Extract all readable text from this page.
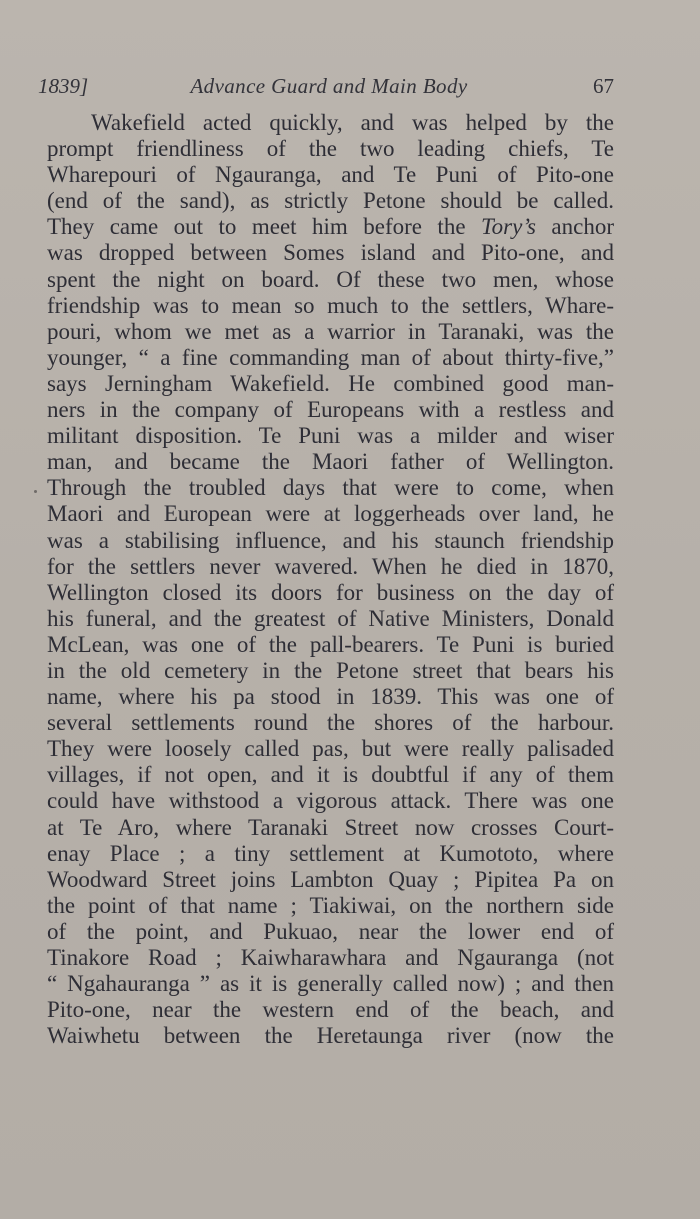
1839]	Advance Guard and Main Body	67
Wakefield acted quickly, and was helped by the
prompt friendliness of the two leading chiefs, Te
Wharepouri of Ngauranga, and Te Puni of Pito-one
(end of the sand), as strictly Petone should be called.
They came out to meet him before the Tory’s anchor
was dropped between Somes island and Pito-one, and
spent the night on board. Of these two men, whose
friendship was to mean so much to the settlers, Whare-
pouri, whom we met as a warrior in Taranaki, was the
younger, “ a fine commanding man of about thirty-five,”
says Jerningham Wakefield. He combined good man-
ners in the company of Europeans with a restless and
militant disposition. Te Puni was a milder and wiser
man, and became the Maori father of Wellington.
Through the troubled days that were to come, when
Maori and European were at loggerheads over land, he
was a stabilising influence, and his staunch friendship
for the settlers never wavered. When he died in 1870,
Wellington closed its doors for business on the day of
his funeral, and the greatest of Native Ministers, Donald
McLean, was one of the pall-bearers. Te Puni is buried
in the old cemetery in the Petone street that bears his
name, where his pa stood in 1839. This was one of
several settlements round the shores of the harbour.
They were loosely called pas, but were really palisaded
villages, if not open, and it is doubtful if any of them
could have withstood a vigorous attack. There was one
at Te Aro, where Taranaki Street now crosses Court-
enay Place ; a tiny settlement at Kumototo, where
Woodward Street joins Lambton Quay ; Pipitea Pa on
the point of that name ; Tiakiwai, on the northern side
of the point, and Pukuao, near the lower end of
Tinakore Road ; Kaiwharawhara and Ngauranga (not
“ Ngahauranga ” as it is generally called now) ; and then
Pito-one, near the western end of the beach, and
Waiwhetu between the Heretaunga river (now the
